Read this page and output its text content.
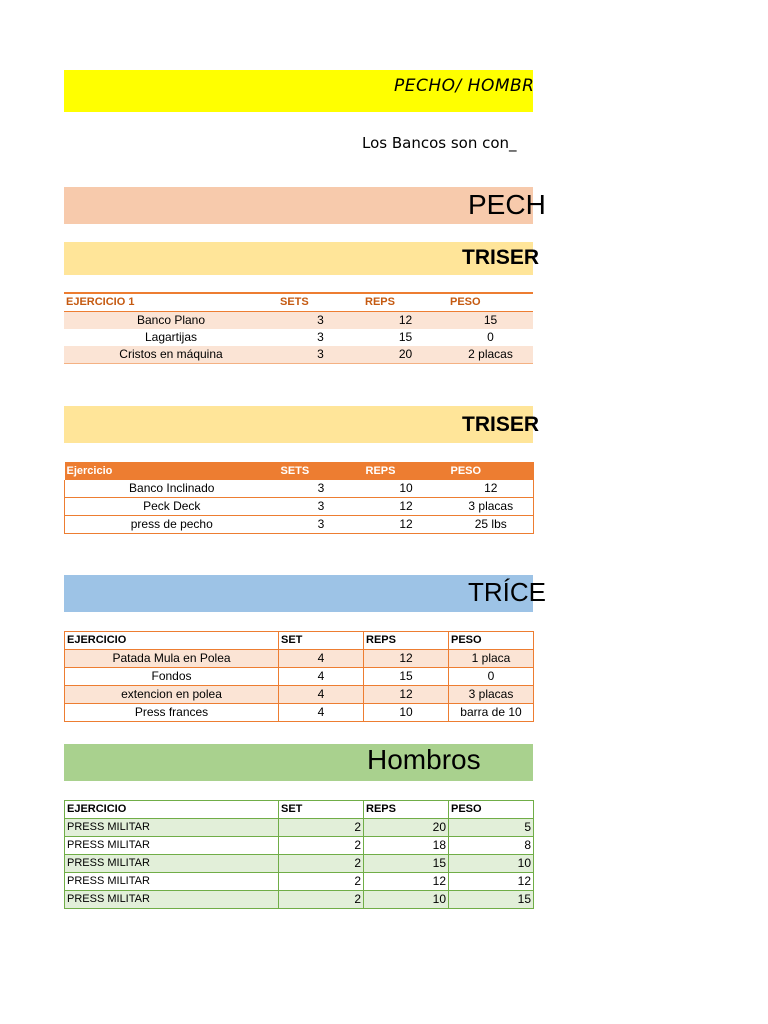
PECHO/ HOMBR
Los Bancos son con_
PECH
TRISER
EJERCICIO 1	SETS	REPS	PESO
Banco Plano	3	12	15
Lagartijas	3	15	0
Cristos en máquina	3	20	2 placas
TRISER
Ejercicio	SETS	REPS	PESO
Banco Inclinado	3	10	12
Peck Deck	3	12	3 placas
press de pecho	3	12	25 lbs
TRÍCE
EJERCICIO	SET	REPS	PESO
Patada Mula en Polea	4	12	1 placa
Fondos	4	15	0
extencion en polea	4	12	3 placas
Press frances	4	10	barra de 10
Hombros
EJERCICIO	SET	REPS	PESO
PRESS MILITAR	2	20	5
PRESS MILITAR	2	18	8
PRESS MILITAR	2	15	10
PRESS MILITAR	2	12	12
PRESS MILITAR	2	10	15
